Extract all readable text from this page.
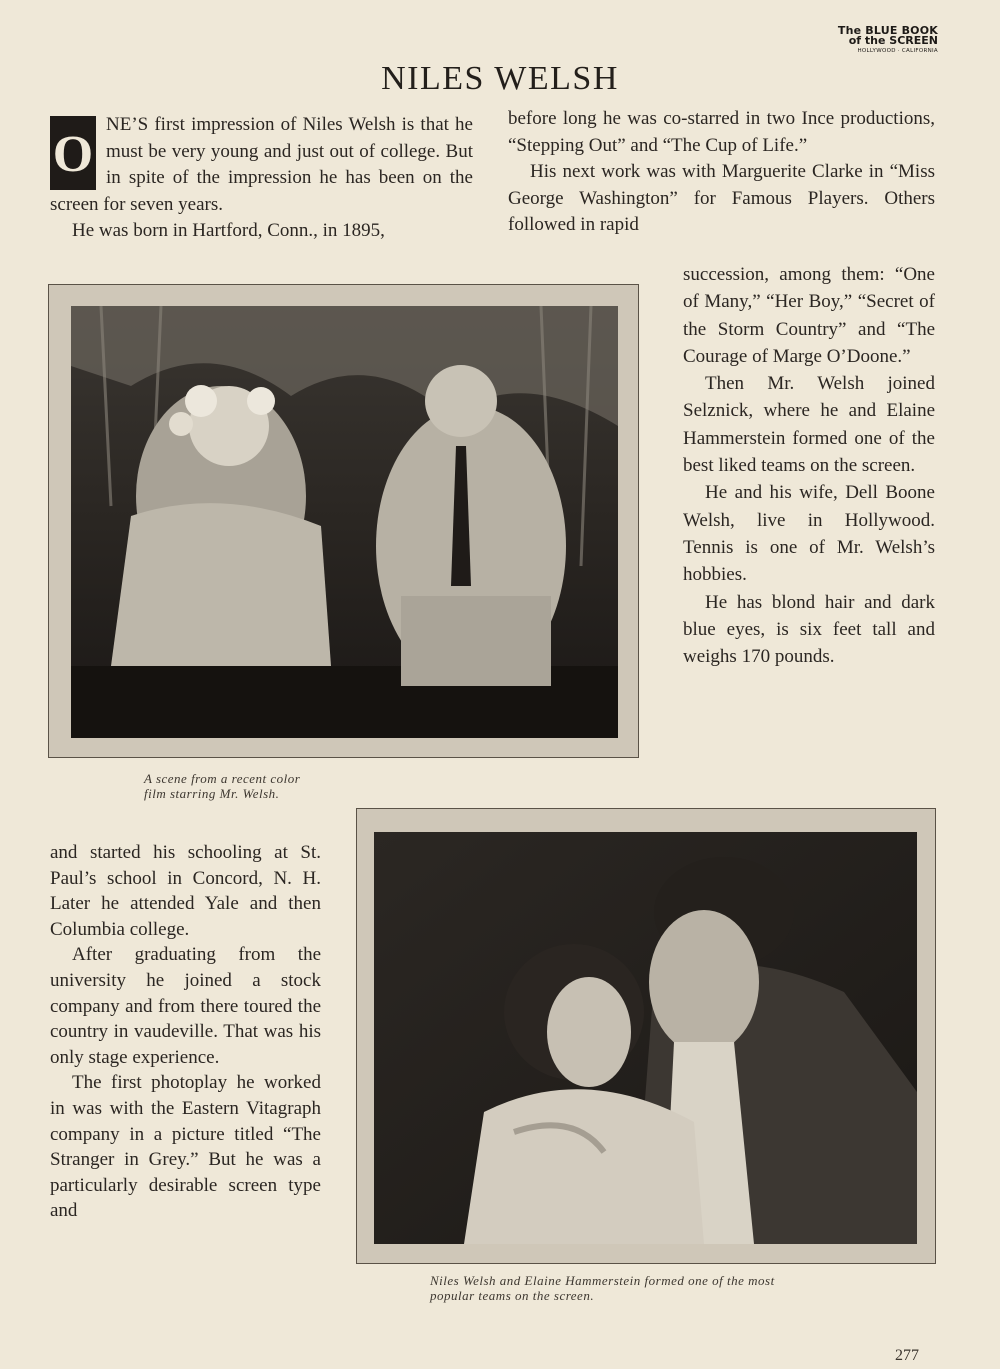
The BLUE BOOK
of the SCREEN
HOLLYWOOD · CALIFORNIA
NILES WELSH

O
NE’S first impression of Niles Welsh is that he must be very young and just out of college. But in spite of the impression he has been on the screen for seven years.

He was born in Hartford, Conn., in 1895,

before long he was co-starred in two Ince productions, “Stepping Out” and “The Cup of Life.”

His next work was with Marguerite Clarke in “Miss George Washington” for Famous Players. Others followed in rapid

succession, among them: “One of Many,” “Her Boy,” “Secret of the Storm Country” and “The Courage of Marge O’Doone.”

Then Mr. Welsh joined Selznick, where he and Elaine Hammerstein formed one of the best liked teams on the screen.

He and his wife, Dell Boone Welsh, live in Hollywood. Tennis is one of Mr. Welsh’s hobbies.

He has blond hair and dark blue eyes, is six feet tall and weighs 170 pounds.

A scene from a recent color
film starring Mr. Welsh.

and started his schooling at St. Paul’s school in Concord, N. H. Later he attended Yale and then Columbia college.

After graduating from the university he joined a stock company and from there toured the country in vaudeville. That was his only stage experience.

The first photoplay he worked in was with the Eastern Vitagraph company in a picture titled “The Stranger in Grey.” But he was a particularly desirable screen type and

Niles Welsh and Elaine Hammerstein formed one of the most
popular teams on the screen.
277
